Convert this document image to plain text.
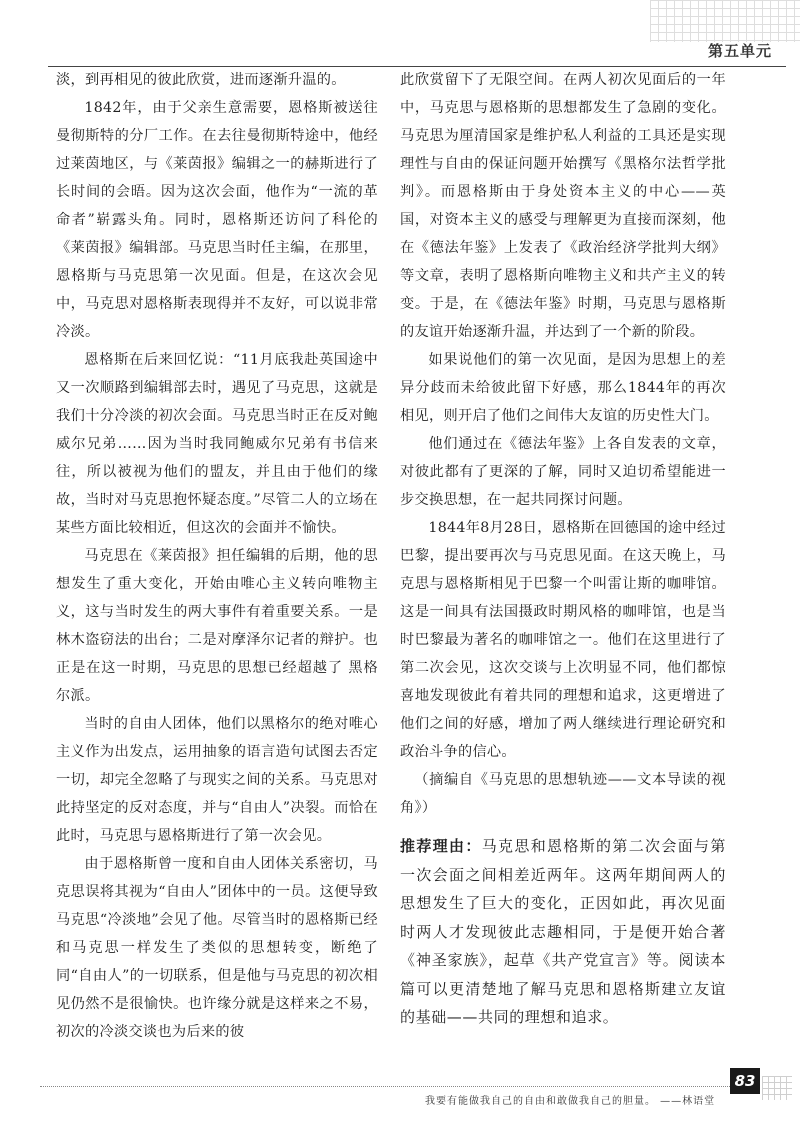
第五单元

淡，到再相见的彼此欣赏，进而逐渐升温的。

1842年，由于父亲生意需要，恩格斯被送往曼彻斯特的分厂工作。在去往曼彻斯特途中，他经过莱茵地区，与《莱茵报》编辑之一的赫斯进行了长时间的会晤。因为这次会面，他作为“一流的革命者”崭露头角。同时，恩格斯还访问了科伦的《莱茵报》编辑部。马克思当时任主编，在那里，恩格斯与马克思第一次见面。但是，在这次会见中，马克思对恩格斯表现得并不友好，可以说非常冷淡。

恩格斯在后来回忆说：“11月底我赴英国途中又一次顺路到编辑部去时，遇见了马克思，这就是我们十分冷淡的初次会面。马克思当时正在反对鲍威尔兄弟……因为当时我同鲍威尔兄弟有书信来往，所以被视为他们的盟友，并且由于他们的缘故，当时对马克思抱怀疑态度。”尽管二人的立场在某些方面比较相近，但这次的会面并不愉快。

马克思在《莱茵报》担任编辑的后期，他的思想发生了重大变化，开始由唯心主义转向唯物主义，这与当时发生的两大事件有着重要关系。一是林木盗窃法的出台；二是对摩泽尔记者的辩护。也正是在这一时期，马克思的思想已经超越了 黑格尔派。

当时的自由人团体，他们以黑格尔的绝对唯心主义作为出发点，运用抽象的语言造句试图去否定一切，却完全忽略了与现实之间的关系。马克思对此持坚定的反对态度，并与“自由人”决裂。而恰在此时，马克思与恩格斯进行了第一次会见。

由于恩格斯曾一度和自由人团体关系密切，马克思误将其视为“自由人”团体中的一员。这便导致马克思“冷淡地”会见了他。尽管当时的恩格斯已经和马克思一样发生了类似的思想转变，断绝了同“自由人”的一切联系，但是他与马克思的初次相见仍然不是很愉快。也许缘分就是这样来之不易，初次的冷淡交谈也为后来的彼

此欣赏留下了无限空间。在两人初次见面后的一年中，马克思与恩格斯的思想都发生了急剧的变化。马克思为厘清国家是维护私人利益的工具还是实现理性与自由的保证问题开始撰写《黑格尔法哲学批判》。而恩格斯由于身处资本主义的中心——英国，对资本主义的感受与理解更为直接而深刻，他在《德法年鉴》上发表了《政治经济学批判大纲》等文章，表明了恩格斯向唯物主义和共产主义的转变。于是，在《德法年鉴》时期，马克思与恩格斯的友谊开始逐渐升温，并达到了一个新的阶段。

如果说他们的第一次见面，是因为思想上的差异分歧而未给彼此留下好感，那么1844年的再次相见，则开启了他们之间伟大友谊的历史性大门。

他们通过在《德法年鉴》上各自发表的文章，对彼此都有了更深的了解，同时又迫切希望能进一步交换思想，在一起共同探讨问题。

1844年8月28日，恩格斯在回德国的途中经过巴黎，提出要再次与马克思见面。在这天晚上，马克思与恩格斯相见于巴黎一个叫雷让斯的咖啡馆。这是一间具有法国摄政时期风格的咖啡馆，也是当时巴黎最为著名的咖啡馆之一。他们在这里进行了第二次会见，这次交谈与上次明显不同，他们都惊喜地发现彼此有着共同的理想和追求，这更增进了他们之间的好感，增加了两人继续进行理论研究和政治斗争的信心。

（摘编自《马克思的思想轨迹——文本导读的视角》）

推荐理由：马克思和恩格斯的第二次会面与第一次会面之间相差近两年。这两年期间两人的思想发生了巨大的变化，正因如此，再次见面时两人才发现彼此志趣相同，于是便开始合著《神圣家族》，起草《共产党宣言》等。阅读本篇可以更清楚地了解马克思和恩格斯建立友谊的基础——共同的理想和追求。

我要有能做我自己的自由和敢做我自己的胆量。 ——林语堂
83
